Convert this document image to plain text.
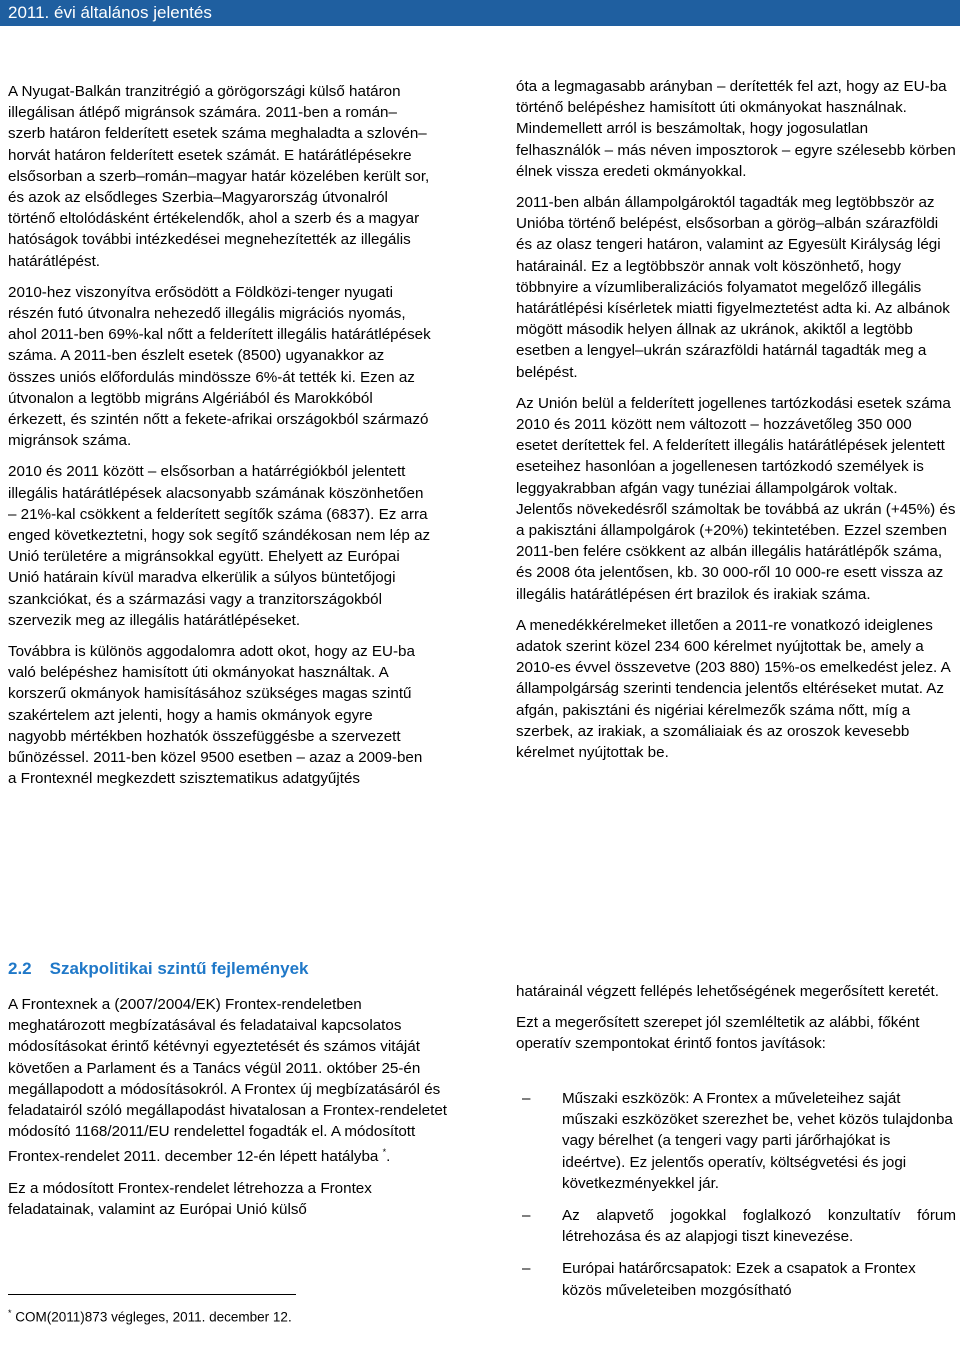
2011. évi általános jelentés

A Nyugat-Balkán tranzitrégió a görögországi külső határon illegálisan átlépő migránsok számára. 2011-ben a román–szerb határon felderített esetek száma meghaladta a szlovén–horvát határon felderített esetek számát. E határátlépésekre elsősorban a szerb–román–magyar határ közelében került sor, és azok az elsődleges Szerbia–Magyarország útvonalról történő eltolódásként értékelendők, ahol a szerb és a magyar hatóságok további intézkedései megnehezítették az illegális határátlépést.

2010-hez viszonyítva erősödött a Földközi-tenger nyugati részén futó útvonalra nehezedő illegális migrációs nyomás, ahol 2011-ben 69%-kal nőtt a felderített illegális határátlépések száma. A 2011-ben észlelt esetek (8500) ugyanakkor az összes uniós előfordulás mindössze 6%-át tették ki. Ezen az útvonalon a legtöbb migráns Algériából és Marokkóból érkezett, és szintén nőtt a fekete-afrikai országokból származó migránsok száma.

2010 és 2011 között – elsősorban a határrégiókból jelentett illegális határátlépések alacsonyabb számának köszönhetően – 21%-kal csökkent a felderített segítők száma (6837). Ez arra enged következtetni, hogy sok segítő szándékosan nem lép az Unió területére a migránsokkal együtt. Ehelyett az Európai Unió határain kívül maradva elkerülik a súlyos büntetőjogi szankciókat, és a származási vagy a tranzitországokból szervezik meg az illegális határátlépéseket.

Továbbra is különös aggodalomra adott okot, hogy az EU-ba való belépéshez hamisított úti okmányokat használtak. A korszerű okmányok hamisításához szükséges magas szintű szakértelem azt jelenti, hogy a hamis okmányok egyre nagyobb mértékben hozhatók összefüggésbe a szervezett bűnözéssel. 2011-ben közel 9500 esetben – azaz a 2009-ben a Frontexnél megkezdett szisztematikus adatgyűjtés

óta a legmagasabb arányban – derítették fel azt, hogy az EU-ba történő belépéshez hamisított úti okmányokat használnak. Mindemellett arról is beszámoltak, hogy jogosulatlan felhasználók – más néven imposztorok – egyre szélesebb körben élnek vissza eredeti okmányokkal.

2011-ben albán állampolgároktól tagadták meg legtöbbször az Unióba történő belépést, elsősorban a görög–albán szárazföldi és az olasz tengeri határon, valamint az Egyesült Királyság légi határainál. Ez a legtöbbször annak volt köszönhető, hogy többnyire a vízumliberalizációs folyamatot megelőző illegális határátlépési kísérletek miatti figyelmeztetést adta ki. Az albánok mögött második helyen állnak az ukránok, akiktől a legtöbb esetben a lengyel–ukrán szárazföldi határnál tagadták meg a belépést.

Az Unión belül a felderített jogellenes tartózkodási esetek száma 2010 és 2011 között nem változott – hozzávetőleg 350 000 esetet derítettek fel. A felderített illegális határátlépések jelentett eseteihez hasonlóan a jogellenesen tartózkodó személyek is leggyakrabban afgán vagy tunéziai állampolgárok voltak. Jelentős növekedésről számoltak be továbbá az ukrán (+45%) és a pakisztáni állampolgárok (+20%) tekintetében. Ezzel szemben 2011-ben felére csökkent az albán illegális határátlépők száma, és 2008 óta jelentősen, kb. 30 000-ről 10 000-re esett vissza az illegális határátlépésen ért brazilok és irakiak száma.

A menedékkérelmeket illetően a 2011-re vonatkozó ideiglenes adatok szerint közel 234 600 kérelmet nyújtottak be, amely a 2010-es évvel összevetve (203 880) 15%-os emelkedést jelez. A állampolgárság szerinti tendencia jelentős eltéréseket mutat. Az afgán, pakisztáni és nigériai kérelmezők száma nőtt, míg a szerbek, az irakiak, a szomáliaiak és az oroszok kevesebb kérelmet nyújtottak be.

2.2 Szakpolitikai szintű fejlemények

A Frontexnek a (2007/2004/EK) Frontex-rendeletben meghatározott megbízatásával és feladataival kapcsolatos módosításokat érintő kétévnyi egyeztetését és számos vitáját követően a Parlament és a Tanács végül 2011. október 25-én megállapodott a módosításokról. A Frontex új megbízatásáról és feladatairól szóló megállapodást hivatalosan a Frontex-rendeletet módosító 1168/2011/EU rendelettel fogadták el. A módosított Frontex-rendelet 2011. december 12-én lépett hatályba *.

Ez a módosított Frontex-rendelet létrehozza a Frontex feladatainak, valamint az Európai Unió külső

* COM(2011)873 végleges, 2011. december 12.

határainál végzett fellépés lehetőségének megerősített keretét.

Ezt a megerősített szerepet jól szemléltetik az alábbi, főként operatív szempontokat érintő fontos javítások:

– Műszaki eszközök: A Frontex a műveleteihez saját műszaki eszközöket szerezhet be, vehet közös tulajdonba vagy bérelhet (a tengeri vagy parti járőrhajókat is ideértve). Ez jelentős operatív, költségvetési és jogi következményekkel jár.
– Az alapvető jogokkal foglalkozó konzultatív fórum létrehozása és az alapjogi tiszt kinevezése.
– Európai határőrcsapatok: Ezek a csapatok a Frontex közös műveleteiben mozgósítható
